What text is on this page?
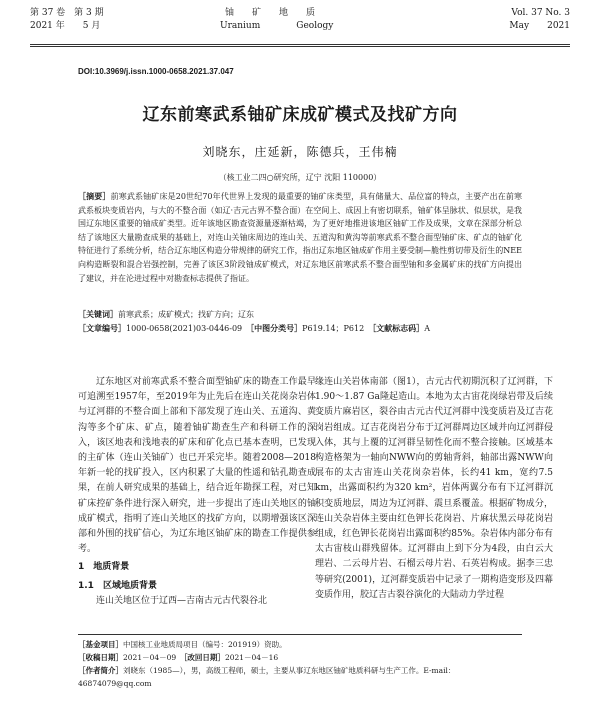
第 37 卷　第 3 期
2021 年　　5 月
铀　　矿　　地　　质
Uranium　　　　Geology
Vol. 37 No. 3
May　　2021
DOI:10.3969/j.issn.1000-0658.2021.37.047
辽东前寒武系铀矿床成矿模式及找矿方向
刘晓东，庄延新，陈德兵，王伟楠
（核工业二四○研究所，辽宁 沈阳 110000）
［摘要］前寒武系铀矿床是20世纪70年代世界上发现的最重要的铀矿床类型，具有储量大、品位富的特点，主要产出在前寒武系板块变质岩内，与大的不整合面（如辽·吉元古界不整合面）在空间上、成因上有密切联系，铀矿体呈脉状、似层状，是我国辽东地区重要的铀成矿类型。近年该地区勘查资源量逐渐枯竭，为了更好地推进该地区铀矿工作及成果，文章在深部分析总结了该地区大量勘查成果的基础上，对连山关铀床周边的连山关、五道沟和黄沟等前寒武系不整合面型铀矿床、矿点的铀矿化特征进行了系统分析，结合辽东地区构造分带规律的研究工作，指出辽东地区铀成矿作用主要受制—脆性剪切带及衍生的NEE向构造断裂和混合岩强控制，完善了该区3阶段铀成矿模式，对辽东地区前寒武系不整合面型铀和多金属矿床的找矿方向提出了建议，并在沦进过程中对勘查标志提供了指证。
［关键词］前寒武系；成矿模式；找矿方向；辽东
［文章编号］1000-0658(2021)03-0446-09　 ［中图分类号］P619.14；P612　 ［文献标志码］A

辽东地区对前寒武系不整合面型铀矿床的勘查工作最早可追溯至1957年，至2019年为止先后在连山关花岗杂岩体与辽河群的不整合面上部和下部发现了连山关、五道沟、黄沟等多个矿床、矿点，随着铀矿勘查生产和科研工作的深入，该区地表和浅地表的矿床和矿化点已基本查明，已发现的主矿体（连山关铀矿）也已开采完毕。随着2008—2018年新一轮的找矿投入，区内积累了大量的性遥和钻孔勘查成果，在前人研究成果的基础上，结合近年勘探工程，对已知矿床控矿条件进行深入研究，进一步提出了连山关地区的铀成矿模式，指明了连山关地区的找矿方向，以期增强该区深部和外围的找矿信心，为辽东地区铀矿床的勘查工作提供参考。

1　地质背景
1.1　区域地质背景

连山关地区位于辽西—吉南古元古代裂谷北

缘连山关岩体南部（图1），古元古代初期沉积了辽河群，下1.90～1.87 Ga隆起造山。本地为太古宙花岗绿岩带及后续变质片麻岩区，裂谷由古元古代辽河群中浅变质岩及辽吉花岗岩组成。辽吉花岗岩分布于辽河群周边区域并向辽河群侵入体，其与上覆的辽河群呈韧性化而不整合接触。区域基本构造格架为一轴向NWW向的剪轴背斜，轴部出露NWW向展布的太古宙连山关花岗杂岩体，长约41 km，宽约7.5 km，出露面积约为320 km²，岩体两翼分布有下辽河群沉积变质地层，周边为辽河群、震旦系覆盖。根据矿物成分，连山关杂岩体主要由红色钾长花岗岩、片麻状黑云母花岗岩组成，红色钾长花岗岩出露面积约85%。杂岩体内部分布有太古宙枝山群残留体。辽河群由上到下分为4段，由白云大理岩、二云母片岩、石榴云母片岩、石英岩构成。据李三忠等研究(2001)，辽河群变质岩中记录了一期构造变形及四幕变质作用，胶辽吉古裂谷演化的大陆动力学过程

［基金项目］中国核工业地质局项目（编号：201919）资助。
［收稿日期］2021－04－09　 ［改回日期］2021－04－16
［作者简介］刘晓东（1985—），男，高级工程师，硕士，主要从事辽东地区铀矿地质科研与生产工作。E-mail：46874079@qq.com
